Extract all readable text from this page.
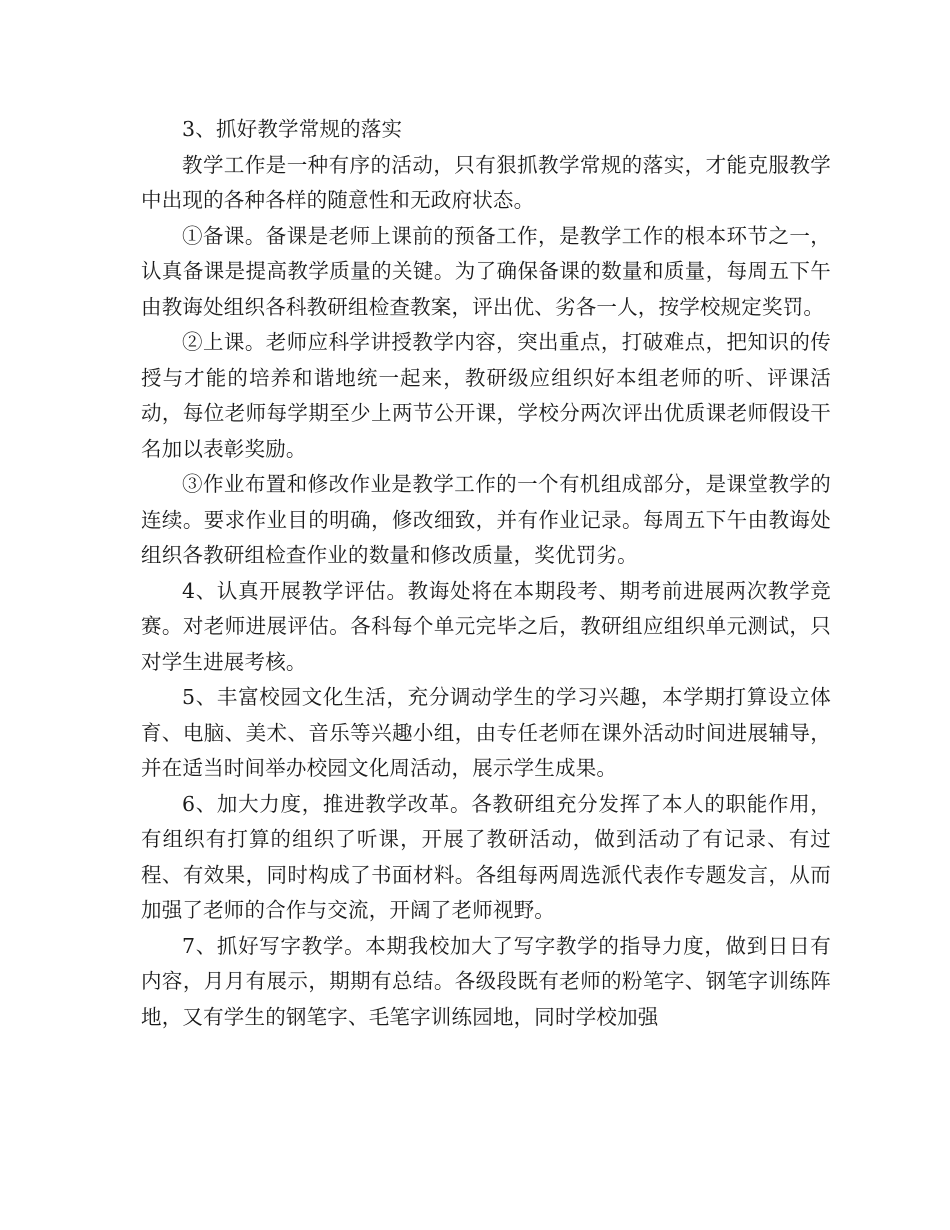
3、抓好教学常规的落实

教学工作是一种有序的活动，只有狠抓教学常规的落实，才能克服教学中出现的各种各样的随意性和无政府状态。

①备课。备课是老师上课前的预备工作，是教学工作的根本环节之一，认真备课是提高教学质量的关键。为了确保备课的数量和质量，每周五下午由教诲处组织各科教研组检查教案，评出优、劣各一人，按学校规定奖罚。

②上课。老师应科学讲授教学内容，突出重点，打破难点，把知识的传授与才能的培养和谐地统一起来，教研级应组织好本组老师的听、评课活动，每位老师每学期至少上两节公开课，学校分两次评出优质课老师假设干名加以表彰奖励。

③作业布置和修改作业是教学工作的一个有机组成部分，是课堂教学的连续。要求作业目的明确，修改细致，并有作业记录。每周五下午由教诲处组织各教研组检查作业的数量和修改质量，奖优罚劣。

4、认真开展教学评估。教诲处将在本期段考、期考前进展两次教学竞赛。对老师进展评估。各科每个单元完毕之后，教研组应组织单元测试，只对学生进展考核。

5、丰富校园文化生活，充分调动学生的学习兴趣，本学期打算设立体育、电脑、美术、音乐等兴趣小组，由专任老师在课外活动时间进展辅导，并在适当时间举办校园文化周活动，展示学生成果。

6、加大力度，推进教学改革。各教研组充分发挥了本人的职能作用，有组织有打算的组织了听课，开展了教研活动，做到活动了有记录、有过程、有效果，同时构成了书面材料。各组每两周选派代表作专题发言，从而加强了老师的合作与交流，开阔了老师视野。

7、抓好写字教学。本期我校加大了写字教学的指导力度，做到日日有内容，月月有展示，期期有总结。各级段既有老师的粉笔字、钢笔字训练阵地，又有学生的钢笔字、毛笔字训练园地，同时学校加强
